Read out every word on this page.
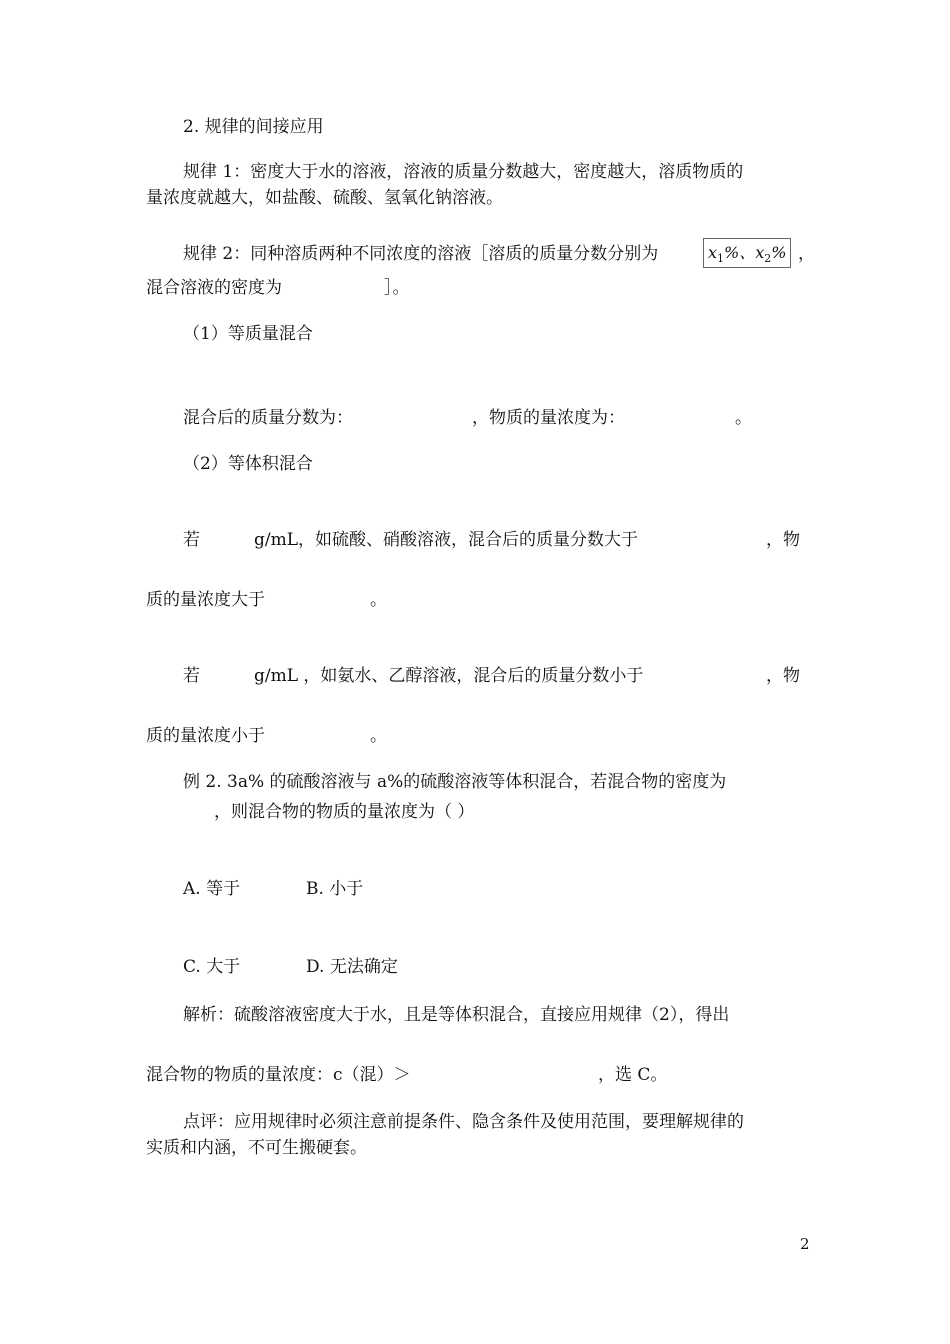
2. 规律的间接应用
规律 1：密度大于水的溶液，溶液的质量分数越大，密度越大，溶质物质的
量浓度就越大，如盐酸、硫酸、氢氧化钠溶液。
规律 2：同种溶质两种不同浓度的溶液［溶质的质量分数分别为	$x_1\%$、$x_2\%$ ，
混合溶液的密度为	］。
（1）等质量混合
混合后的质量分数为：	，物质的量浓度为：	。
（2）等体积混合
若	g/mL，如硫酸、硝酸溶液，混合后的质量分数大于	，物
质的量浓度大于	。
若	g/mL ，如氨水、乙醇溶液，混合后的质量分数小于	，物
质的量浓度小于	。
例 2. 3a% 的硫酸溶液与 a%的硫酸溶液等体积混合，若混合物的密度为
，则混合物的物质的量浓度为（ ）
A. 等于	B. 小于
C. 大于	D. 无法确定
解析：硫酸溶液密度大于水，且是等体积混合，直接应用规律（2），得出
混合物的物质的量浓度：c（混）＞	，选 C。
点评：应用规律时必须注意前提条件、隐含条件及使用范围，要理解规律的
实质和内涵，不可生搬硬套。
2
